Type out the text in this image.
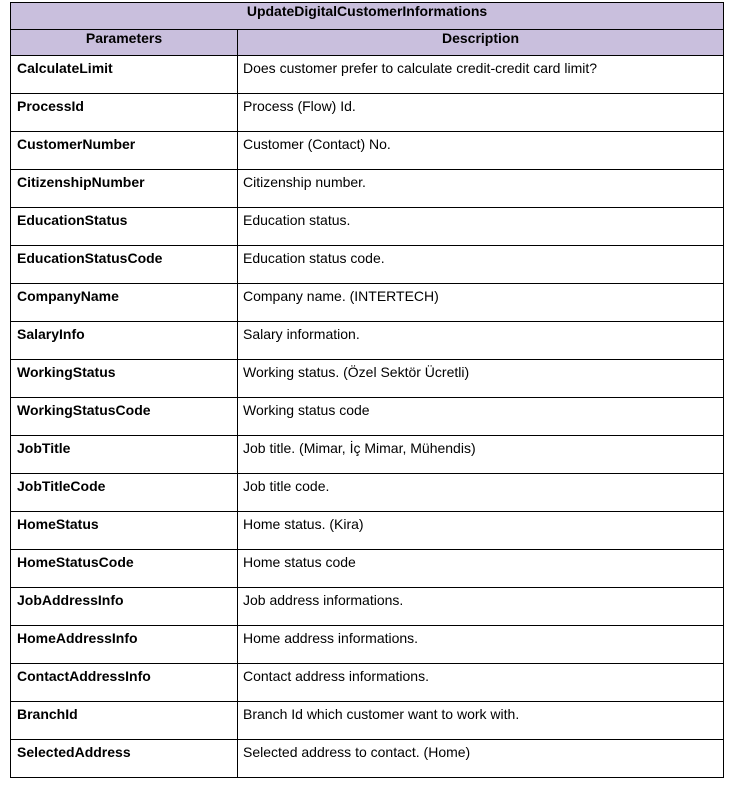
UpdateDigitalCustomerInformations	
Parameters	Description
CalculateLimit	Does customer prefer to calculate credit-credit card limit?
ProcessId	Process (Flow) Id.
CustomerNumber	Customer (Contact) No.
CitizenshipNumber	Citizenship number.
EducationStatus	Education status.
EducationStatusCode	Education status code.
CompanyName	Company name. (INTERTECH)
SalaryInfo	Salary information.
WorkingStatus	Working status. (Özel Sektör Ücretli)
WorkingStatusCode	Working status code
JobTitle	Job title. (Mimar, İç Mimar, Mühendis)
JobTitleCode	Job title code.
HomeStatus	Home status. (Kira)
HomeStatusCode	Home status code
JobAddressInfo	Job address informations.
HomeAddressInfo	Home address informations.
ContactAddressInfo	Contact address informations.
BranchId	Branch Id which customer want to work with.
SelectedAddress	Selected address to contact. (Home)
